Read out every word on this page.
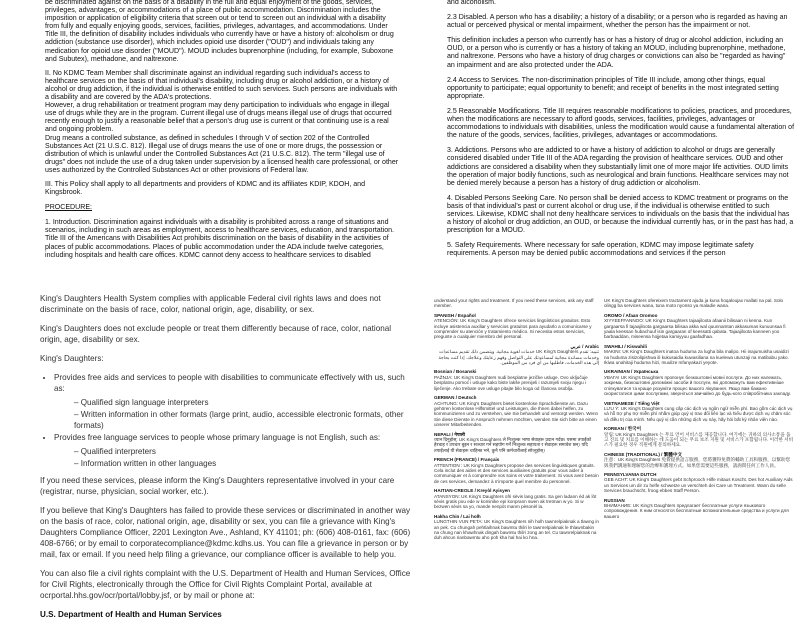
be discriminated against on the basis of a disability in the full and equal enjoyment of the goods, services, privileges, advantages, or accommodations of a place of public accommodation. Discrimination includes the imposition or application of eligibility criteria that screen out or tend to screen out an individual with a disability from fully and equally enjoying goods, services, facilities, privileges, advantages, and accommodations. Under Title III, the definition of disability includes individuals who currently have or have a history of: alcoholism or drug addiction (substance use disorder), which includes opioid use disorder ("OUD") and individuals taking any medication for opioid use disorder ("MOUD"). MOUD includes buprenorphine (including, for example, Suboxone and Subutex), methadone, and naltrexone.

II. No KDMC Team Member shall discriminate against an individual regarding such individual's access to healthcare services on the basis of that individual's disability, including drug or alcohol addiction, or a history of alcohol or drug addiction, if the individual is otherwise entitled to such services. Such persons are individuals with a disability and are covered by the ADA's protections.
However, a drug rehabilitation or treatment program may deny participation to individuals who engage in illegal use of drugs while they are in the program. Current illegal use of drugs means illegal use of drugs that occurred recently enough to justify a reasonable belief that a person's drug use is current or that continuing use is a real and ongoing problem.
Drug means a controlled substance, as defined in schedules I through V of section 202 of the Controlled Substances Act (21 U.S.C. 812). Illegal use of drugs means the use of one or more drugs, the possession or distribution of which is unlawful under the Controlled Substances Act (21 U.S.C. 812). The term "illegal use of drugs" does not include the use of a drug taken under supervision by a licensed health care professional, or other uses authorized by the Controlled Substances Act or other provisions of Federal law.

III. This Policy shall apply to all departments and providers of KDMC and its affiliates KDIP, KDOH, and Kingsbrook.

PROCEDURE:

1. Introduction. Discrimination against individuals with a disability is prohibited across a range of situations and scenarios, including in such areas as employment, access to healthcare services, education, and transportation. Title III of the Americans with Disabilities Act prohibits discrimination on the basis of disability in the activities of places of public accommodations. Places of public accommodation under the ADA include twelve categories, including hospitals and health care offices. KDMC cannot deny access to healthcare services to disabled

and alcoholism.

2.3 Disabled. A person who has a disability; a history of a disability; or a person who is regarded as having an actual or perceived physical or mental impairment, whether the person has the impairment or not.

This definition includes a person who currently has or has a history of drug or alcohol addiction, including an OUD, or a person who is currently or has a history of taking an MOUD, including buprenorphine, methadone, and naltrexone. Persons who have a history of drug charges or convictions can also be "regarded as having" an impairment and are also protected under the ADA.

2.4 Access to Services. The non-discrimination principles of Title III include, among other things, equal opportunity to participate; equal opportunity to benefit; and receipt of benefits in the most integrated setting appropriate.

2.5 Reasonable Modifications. Title III requires reasonable modifications to policies, practices, and procedures, when the modifications are necessary to afford goods, services, facilities, privileges, advantages or accommodations to individuals with disabilities, unless the modification would cause a fundamental alteration of the nature of the goods, services, facilities, privileges, advantages or accommodations.

3. Addictions. Persons who are addicted to or have a history of addiction to alcohol or drugs are generally considered disabled under Title III of the ADA regarding the provision of healthcare services. OUD and other addictions are considered a disability when they substantially limit one of more major life activities. OUD limits the operation of major bodily functions, such as neurological and brain functions. Healthcare services may not be denied merely because a person has a history of drug addiction or alcoholism.

4. Disabled Persons Seeking Care. No person shall be denied access to KDMC treatment or programs on the basis of that individual's past or current alcohol or drug use, if the individual is otherwise entitled to such services. Likewise, KDMC shall not deny healthcare services to individuals on the basis that the individual has a history of alcohol or drug addiction, an OUD, or because the individual currently has, or in the past has had, a prescription for a MOUD.

5. Safety Requirements. Where necessary for safe operation, KDMC may impose legitimate safety requirements. A person may be denied public accommodations and services if the person

King's Daughters Health System complies with applicable Federal civil rights laws and does not discriminate on the basis of race, color, national origin, age, disability, or sex.

King's Daughters does not exclude people or treat them differently because of race, color, national origin, age, disability or sex.

King's Daughters:

• Provides free aids and services to people with disabilities to communicate effectively with us, such as:
– Qualified sign language interpreters
– Written information in other formats (large print, audio, accessible electronic formats, other formats)
• Provides free language services to people whose primary language is not English, such as:
– Qualified interpreters
– Information written in other languages

If you need these services, please inform the King's Daughters representative involved in your care (registrar, nurse, physician, social worker, etc.).

If you believe that King's Daughters has failed to provide these services or discriminated in another way on the basis of race, color, national origin, age, disability or sex, you can file a grievance with King's Daughters Compliance Officer, 2201 Lexington Ave., Ashland, KY 41101; ph: (606) 408-0161, fax: (606) 408-6766; or by email to corporatecompliance@kdmc.kdhs.us. You can file a grievance in person or by mail, fax or email. If you need help filing a grievance, our compliance officer is available to help you.

You can also file a civil rights complaint with the U.S. Department of Health and Human Services, Office for Civil Rights, electronically through the Office for Civil Rights Complaint Portal, available at ocrportal.hhs.gov/ocr/portal/lobby.jsf, or by mail or phone at:

U.S. Department of Health and Human Services

understand your rights and treatment. If you need these services, ask any staff member.
SPANISH / Español
ATENCIÓN: UK King's Daughters ofrece servicios lingüísticos gratuitos. Esto incluye asistencia auxiliar y servicios gratuitos para ayudarlo a comunicarse y comprender su atención y tratamiento médico. Si necesita estos servicios, pregunte a cualquier miembro del personal.
Arabic / عربي
تنبيه: تقدم UK King's Daughters خدمات لغوية مجانية. ويتضمن ذلك تقديم مساعدات وخدمات مساندة مجانية لمساعدتك على التواصل وفهم رعايتك وعلاجك. إذا كنت بحاجة إلى هذه الخدمات، فاطلبها من أي فرد من الموظفين.
Bosnian / Bosanski
PAŽNJA: UK King's Daughters nudi besplatne jezičke usluge. Ovo uključuje besplatnu pomoć i usluge kako biste lakše prenijeli i razumjeli svoju njegu i liječenje. Ako trebate ove usluge pitajte bilo koga od članova osoblja.
GERMAN / Deutsch
ACHTUNG: UK King's Daughters bietet kostenlose Sprachdienste an. Dazu gehören kostenlose Hilfsmittel und Leistungen, die Ihnen dabei helfen, zu kommunizieren und zu verstehen, wie Sie behandelt und versorgt werden. Wenn Sie diese Dienste in Anspruch nehmen möchten, wenden Sie sich bitte an einen unserer Mitarbeitenden.
NEPALI / नेपाली
ध्यान दिनुहोस्: UK King's Daughters ले निःशुल्क भाषा सेवाहरू प्रदान गर्दछ। यसमा तपाईंको हेरचाह र उपचार बुझ्न र सञ्चार गर्न सहयोग गर्ने निःशुल्क सहायता र सेवाहरू समावेश छन्। यदि तपाईंलाई यी सेवाहरू चाहिन्छ भने, कुनै पनि कर्मचारीलाई सोध्नुहोस्।
FRENCH (FRANCE) / Français
ATTENTION : UK King's Daughters propose des services linguistiques gratuits. Cela inclut des aides et des services auxiliaires gratuits pour vous aider à communiquer et à comprendre vos soins et votre traitement. Si vous avez besoin de ces services, demandez à n'importe quel membre du personnel.
HAITIAN-CREOLE / Kreyòl Ayisyen
ATANSYON: UK King's Daughters ofri sèvis lang gratis. Sa gen ladann èd ak lòt sèvis gratis pou ede w kominike epi konprann swen ak tretman w yo. Si w bezwen sèvis sa yo, mande nenpòt manm pèsonèl la.
Hakha Chin / Lai holh
LUNGTHIN VUN PETA: UK King's Daughters nih holh tawnrelpiaknak a tlawng in an pek. Cu chungah pehtlaihnak bawmtu thilri le tawnrelpiaknak le thlawnbakin na chung nan khawhnak dingah bawmtu thilri zong an tel. Cu tawnrelpiaknak na duh ahcun rianbawmtu aho poh kha hal hai ko hna.
UK King's Daughters ofereixem tractament ajuda ja kuna hoqaloujax mallati na pal. Solo olingg ba services wana, tuna moto nyonso ya maladie wana.
OROMO / Afaan Oromoo
XIYYEEFFANNOO: UK King's Daughters tajaajiloota afaanii bilisaan ni kenna. Kun gargaarsa fi tajaajiloota gargaarsa bilisaa akka wal quunnamtan akkasumas kunuunsaa fi yaala keessan hubachuuf isin gargaaran of keessatti qabata. Tajaajiloota kanneen yoo barbaaddan, miseensa hojjetaa kamiyyuu gaafadhaa.
SWAHILI / Kiswahili
MAKINI: UK King's Daughters inatoa huduma za lugha bila malipo. Hii inajumuisha usaidizi na huduma zisizolipishwa ili kukusaidia kuwasiliana na kuelewa utunzaji na matibabu yako. Ikiwa unahitaji huduma hizi, muulize mfanyakazi yeyote.
UKRAINIAN / Українська
УВАГА! UK King's Daughters пропонує безкоштовні мовні послуги. До них належать, зокрема, безкоштовні допоміжні засоби й послуги, які допоможуть вам ефективніше спілкуватися та краще розуміти процес вашого лікування. Якщо вам бажано скористатися цими послугами, зверніться звичайно до будь-кого співробітника закладу.
VIETNAMESE / Tiếng Việt
LƯU Ý: UK King's Daughters cung cấp các dịch vụ ngôn ngữ miễn phí. Bao gồm các dịch vụ và hỗ trợ phụ trợ miễn phí nhằm giúp quý vị trao đổi liên lạc và hiểu được dịch vụ chăm sóc và điều trị của mình. Nếu quý vị cần những dịch vụ này, hãy hỏi bất kỳ nhân viên nào.
KOREAN / 한국어
알림: UK King's Daughters 는 무료 언어 서비스를 제공합니다. 여기에는 귀하의 의사소통을 돕고 진료 및 치료를 이해하는 데 도움이 되는 무료 보조 지원 및 서비스가 포함됩니다. 이러한 서비스가 필요한 경우 직원에게 문의하세요.
CHINESE (TRADITIONAL) / 繁體中文
注意：UK King's Daughters 免費提供語言服務，您將獲得免費的輔助工具和服務，以幫助您與我們溝通和理解您的治療和護理方式。如果您需要這些服務，請詢問任何工作人員。
PENNSYLVANIA DUTCH
GEB ACHT: UK King's Daughters gebt Schprooch Hilfe mitaus Koscht. Des hot Auxiliary Aids un Services um dir zu helfe schwetze un verschteh dei Care un Treatment. Wann du selle Services brauchscht, froog ebbes Staff Person.
RUSSIAN
ВНИМАНИЕ: UK King's Daughters предлагает бесплатные услуги языкового сопровождения. К ним относятся бесплатные вспомогательные средства и услуги для вашего
